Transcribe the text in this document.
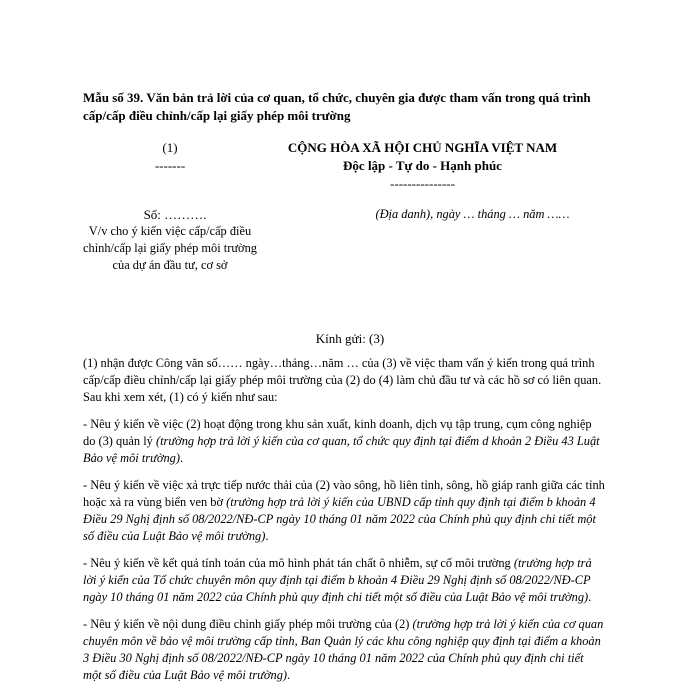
Mẫu số 39. Văn bản trả lời của cơ quan, tổ chức, chuyên gia được tham vấn trong quá trình cấp/cấp điều chỉnh/cấp lại giấy phép môi trường
(1)
-------
CỘNG HÒA XÃ HỘI CHỦ NGHĨA VIỆT NAM
Độc lập - Tự do - Hạnh phúc
---------------
Số: ……….
V/v cho ý kiến việc cấp/cấp điều chỉnh/cấp lại giấy phép môi trường của dự án đầu tư, cơ sở
(Địa danh), ngày … tháng … năm ……
Kính gửi: (3)

(1) nhận được Công văn số…… ngày…tháng…năm … của (3) về việc tham vấn ý kiến trong quá trình cấp/cấp điều chỉnh/cấp lại giấy phép môi trường của (2) do (4) làm chủ đầu tư và các hồ sơ có liên quan. Sau khi xem xét, (1) có ý kiến như sau:

- Nêu ý kiến về việc (2) hoạt động trong khu sản xuất, kinh doanh, dịch vụ tập trung, cụm công nghiệp do (3) quản lý (trường hợp trả lời ý kiến của cơ quan, tổ chức quy định tại điểm d khoản 2 Điều 43 Luật Bảo vệ môi trường).

- Nêu ý kiến về việc xả trực tiếp nước thải của (2) vào sông, hồ liên tỉnh, sông, hồ giáp ranh giữa các tỉnh hoặc xả ra vùng biển ven bờ (trường hợp trả lời ý kiến của UBND cấp tỉnh quy định tại điểm b khoản 4 Điều 29 Nghị định số 08/2022/NĐ-CP ngày 10 tháng 01 năm 2022 của Chính phủ quy định chi tiết một số điều của Luật Bảo vệ môi trường).

- Nêu ý kiến về kết quả tính toán của mô hình phát tán chất ô nhiễm, sự cố môi trường (trường hợp trả lời ý kiến của Tổ chức chuyên môn quy định tại điểm b khoản 4 Điều 29 Nghị định số 08/2022/NĐ-CP ngày 10 tháng 01 năm 2022 của Chính phủ quy định chi tiết một số điều của Luật Bảo vệ môi trường).

- Nêu ý kiến về nội dung điều chỉnh giấy phép môi trường của (2) (trường hợp trả lời ý kiến của cơ quan chuyên môn về bảo vệ môi trường cấp tỉnh, Ban Quản lý các khu công nghiệp quy định tại điểm a khoản 3 Điều 30 Nghị định số 08/2022/NĐ-CP ngày 10 tháng 01 năm 2022 của Chính phủ quy định chi tiết một số điều của Luật Bảo vệ môi trường).
